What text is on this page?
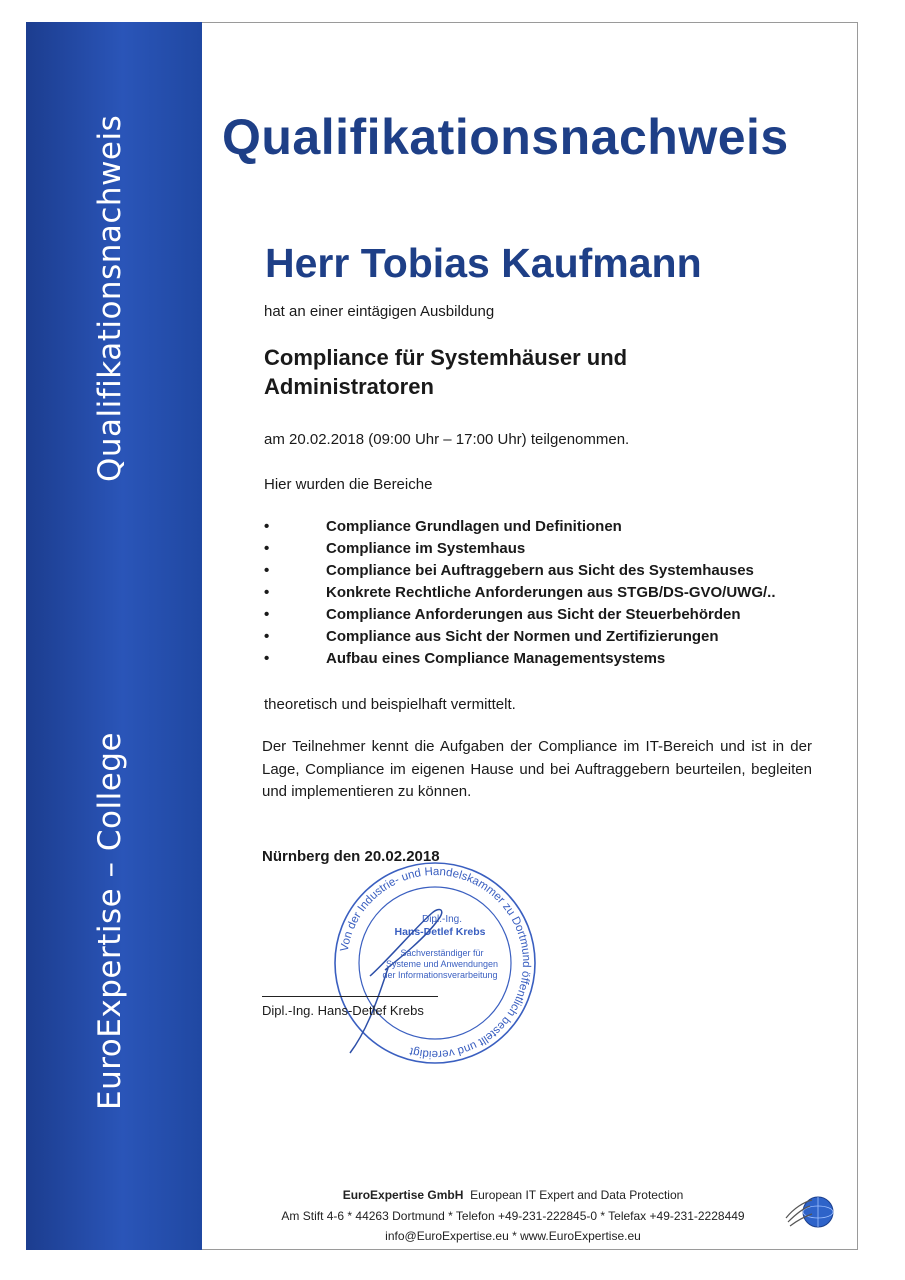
Qualifikationsnachweis
EuroExpertise – College
Qualifikationsnachweis
Herr Tobias Kaufmann
hat an einer eintägigen Ausbildung
Compliance für Systemhäuser und
Administratoren
am 20.02.2018 (09:00 Uhr – 17:00 Uhr) teilgenommen.
Hier wurden die Bereiche
•	Compliance Grundlagen und Definitionen
•	Compliance im Systemhaus
•	Compliance bei Auftraggebern aus Sicht des Systemhauses
•	Konkrete Rechtliche Anforderungen aus STGB/DS-GVO/UWG/..
•	Compliance Anforderungen aus Sicht der Steuerbehörden
•	Compliance aus Sicht der Normen und Zertifizierungen
•	Aufbau eines Compliance Managementsystems
theoretisch und beispielhaft vermittelt.
Der Teilnehmer kennt die Aufgaben der Compliance im IT-Bereich und ist in der Lage, Compliance im eigenen Hause und bei Auftraggebern beurteilen, begleiten und implementieren zu können.
Nürnberg den 20.02.2018
Von der Industrie- und Handelskammer zu Dortmund öffentlich bestellt und vereidigt
Dipl.-Ing.
Hans-Detlef Krebs
Sachverständiger für
Systeme und Anwendungen
der Informationsverarbeitung
Dipl.-Ing. Hans-Detlef Krebs
EuroExpertise GmbH European IT Expert and Data Protection
Am Stift 4-6 * 44263 Dortmund * Telefon +49-231-222845-0 * Telefax +49-231-2228449
info@EuroExpertise.eu * www.EuroExpertise.eu
